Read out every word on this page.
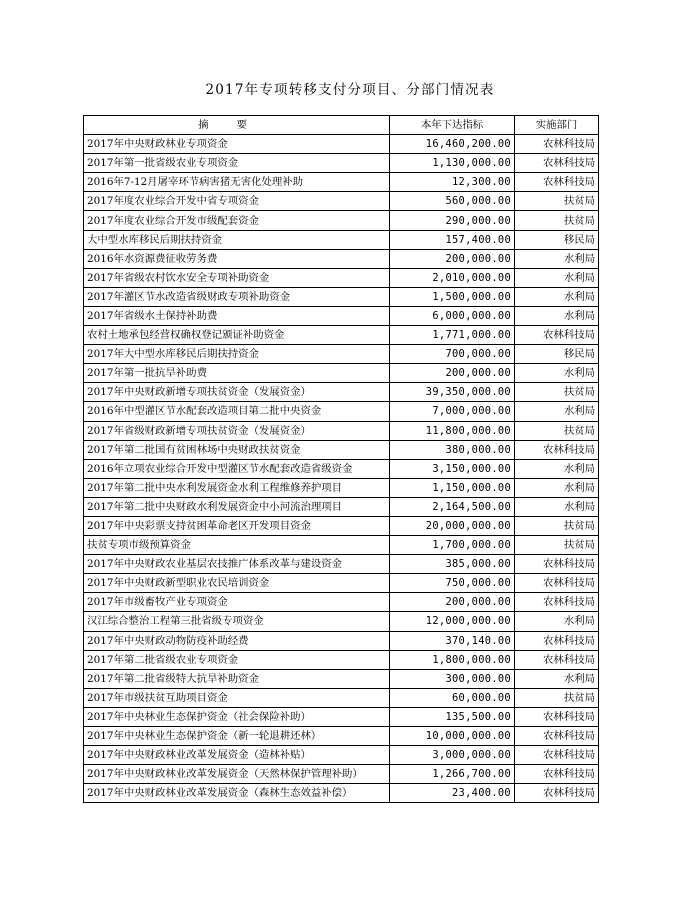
2017年专项转移支付分项目、分部门情况表
摘要	本年下达指标	实施部门
2017年中央财政林业专项资金	16,460,200.00	农林科技局
2017年第一批省级农业专项资金	1,130,000.00	农林科技局
2016年7-12月屠宰环节病害猪无害化处理补助	12,300.00	农林科技局
2017年度农业综合开发中省专项资金	560,000.00	扶贫局
2017年度农业综合开发市级配套资金	290,000.00	扶贫局
大中型水库移民后期扶持资金	157,400.00	移民局
2016年水资源费征收劳务费	200,000.00	水利局
2017年省级农村饮水安全专项补助资金	2,010,000.00	水利局
2017年灌区节水改造省级财政专项补助资金	1,500,000.00	水利局
2017年省级水土保持补助费	6,000,000.00	水利局
农村土地承包经营权确权登记颁证补助资金	1,771,000.00	农林科技局
2017年大中型水库移民后期扶持资金	700,000.00	移民局
2017年第一批抗旱补助费	200,000.00	水利局
2017年中央财政新增专项扶贫资金（发展资金）	39,350,000.00	扶贫局
2016年中型灌区节水配套改造项目第二批中央资金	7,000,000.00	水利局
2017年省级财政新增专项扶贫资金（发展资金）	11,800,000.00	扶贫局
2017年第二批国有贫困林场中央财政扶贫资金	380,000.00	农林科技局
2016年立项农业综合开发中型灌区节水配套改造省级资金	3,150,000.00	水利局
2017年第二批中央水利发展资金水利工程维修养护项目	1,150,000.00	水利局
2017年第二批中央财政水利发展资金中小河流治理项目	2,164,500.00	水利局
2017年中央彩票支持贫困革命老区开发项目资金	20,000,000.00	扶贫局
扶贫专项市级预算资金	1,700,000.00	扶贫局
2017年中央财政农业基层农技推广体系改革与建设资金	385,000.00	农林科技局
2017年中央财政新型职业农民培训资金	750,000.00	农林科技局
2017年市级畜牧产业专项资金	200,000.00	农林科技局
汉江综合整治工程第三批省级专项资金	12,000,000.00	水利局
2017年中央财政动物防疫补助经费	370,140.00	农林科技局
2017年第二批省级农业专项资金	1,800,000.00	农林科技局
2017年第二批省级特大抗旱补助资金	300,000.00	水利局
2017年市级扶贫互助项目资金	60,000.00	扶贫局
2017年中央林业生态保护资金（社会保险补助）	135,500.00	农林科技局
2017年中央林业生态保护资金（新一轮退耕还林）	10,000,000.00	农林科技局
2017年中央财政林业改革发展资金（造林补贴）	3,000,000.00	农林科技局
2017年中央财政林业改革发展资金（天然林保护管理补助）	1,266,700.00	农林科技局
2017年中央财政林业改革发展资金（森林生态效益补偿）	23,400.00	农林科技局
